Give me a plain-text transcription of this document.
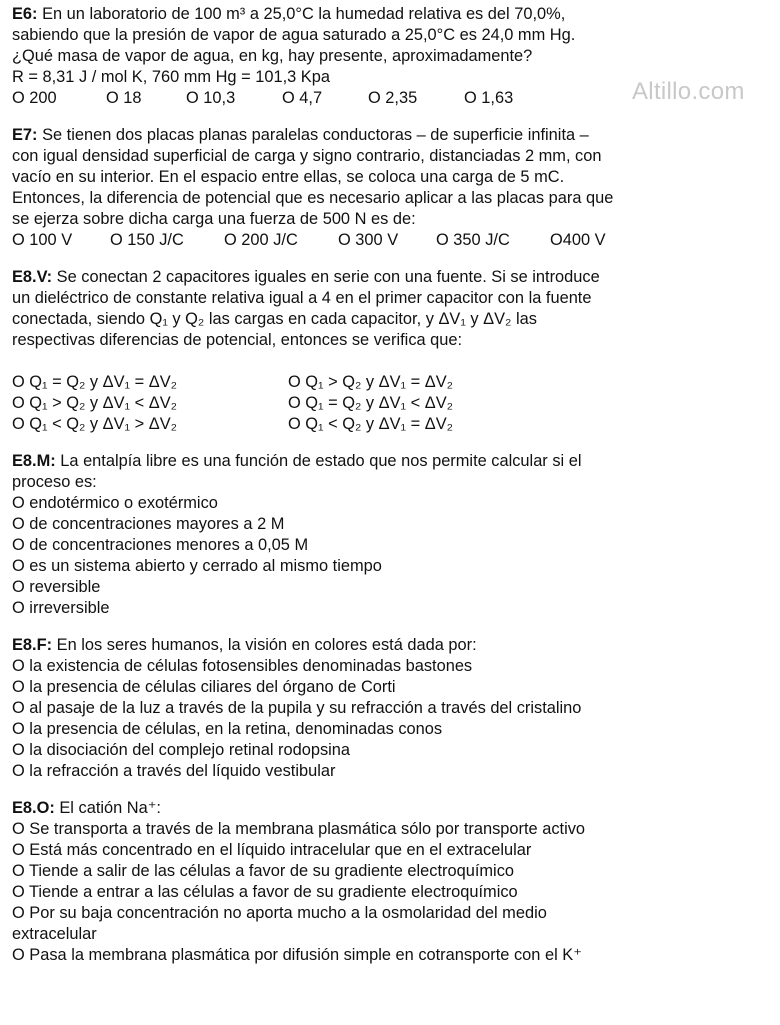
Altillo.com

E6: En un laboratorio de 100 m³ a 25,0°C la humedad relativa es del 70,0%,

sabiendo que la presión de vapor de agua saturado a 25,0°C es 24,0 mm Hg.

¿Qué masa de vapor de agua, en kg, hay presente, aproximadamente?

R = 8,31 J / mol K, 760 mm Hg = 101,3 Kpa

O 200	O 18	O 10,3	O 4,7	O 2,35	O 1,63

E7: Se tienen dos placas planas paralelas conductoras – de superficie infinita –

con igual densidad superficial de carga y signo contrario, distanciadas 2 mm, con

vacío en su interior. En el espacio entre ellas, se coloca una carga de 5 mC.

Entonces, la diferencia de potencial que es necesario aplicar a las placas para que

se ejerza sobre dicha carga una fuerza de 500 N es de:

O 100 V	O 150 J/C	O 200 J/C	O 300 V	O 350 J/C	O400 V

E8.V: Se conectan 2 capacitores iguales en serie con una fuente. Si se introduce

un dieléctrico de constante relativa igual a 4 en el primer capacitor con la fuente

conectada, siendo Q₁ y Q₂ las cargas en cada capacitor, y ΔV₁ y ΔV₂ las

respectivas diferencias de potencial, entonces se verifica que:

O Q₁ = Q₂ y ΔV₁ = ΔV₂	O Q₁ > Q₂ y ΔV₁ = ΔV₂
O Q₁ > Q₂ y ΔV₁ < ΔV₂	O Q₁ = Q₂ y ΔV₁ < ΔV₂
O Q₁ < Q₂ y ΔV₁ > ΔV₂	O Q₁ < Q₂ y ΔV₁ = ΔV₂

E8.M: La entalpía libre es una función de estado que nos permite calcular si el

proceso es:

O endotérmico o exotérmico

O de concentraciones mayores a 2 M

O de concentraciones menores a 0,05 M

O es un sistema abierto y cerrado al mismo tiempo

O reversible

O irreversible

E8.F: En los seres humanos, la visión en colores está dada por:

O la existencia de células fotosensibles denominadas bastones

O la presencia de células ciliares del órgano de Corti

O al pasaje de la luz a través de la pupila y su refracción a través del cristalino

O la presencia de células, en la retina, denominadas conos

O la disociación del complejo retinal rodopsina

O la refracción a través del líquido vestibular

E8.O: El catión Na⁺:

O Se transporta a través de la membrana plasmática sólo por transporte activo

O Está más concentrado en el líquido intracelular que en el extracelular

O Tiende a salir de las células a favor de su gradiente electroquímico

O Tiende a entrar a las células a favor de su gradiente electroquímico

O Por su baja concentración no aporta mucho a la osmolaridad del medio

extracelular

O Pasa la membrana plasmática por difusión simple en cotransporte con el K⁺
